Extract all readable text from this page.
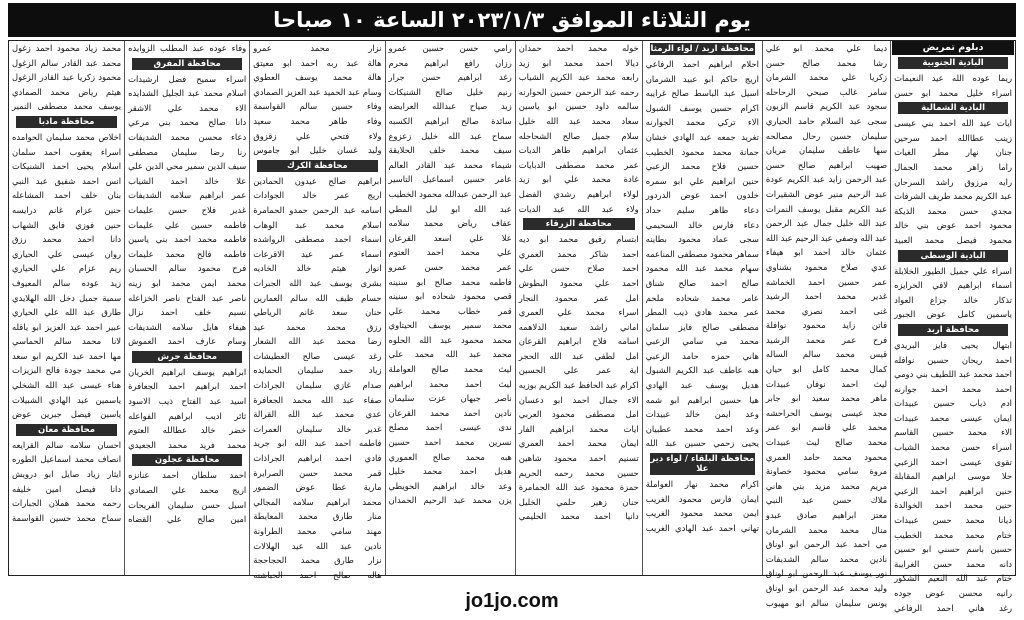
يوم الثلاثاء الموافق ٢٠٢٣/١/٣ الساعة ١٠ صباحا
دبلوم تمريض
البادية الجنوبية
ريما عوده الله عيد النعيمات
اسراء خليل محمد ابو حسن
البادية الشمالية
ايات عيد الله احمد بني عيسى
زينب عطاالله احمد سرحين
جنان نهار مطر الغيات
راما زاهر محمد الجمال
رايه مرزوق راشد السرحان
عبد الكريم محمد طريف الشرفات
مجدي حسن محمد الذيكة
محمود احمد عوض بني خالد
محمود فيصل محمد العبيد
البادية الوسطى
اسراء علي جميل الطيور الخلايلة
اسماء ابراهيم لافي الحرايزه
تذكار خالد جزاع العواد
ياسمين كامل عوض الجبور
محافظة اربد
ابتهال يحيى فايز البريدي
احمد ريحان حسين نوافله
احمد محمد عبد اللطيف بني دومي
احمد محمد احمد جوارنه
ادم ذياب حسين عبيدات
ايمان عيسى محمد عبيدات
الاء محمد حسين القاسم
اسراء حسن محمد الشياب
تقوى عيسى احمد الزعبي
حلا موسى ابراهيم المقابلة
حنين ابراهيم احمد الزعبي
حنين محمد احمد الخوالدة
ديانا محمد حسن عبيدات
ختام محمد محمد الخطيب
حسين باسم حسني ابو حسين
دانه محمد حسن الغرايبة
ختام عبد الله النعيم الشكور
رانيه محسن عوض جوده
رغد هاني احمد الرفاعي
ديما علي محمد ابو علي
رشا محمد صالح حسن
زكريا علي محمد الشرمان
سامر غالب صبحي الرحاحله
سجود عبد الكريم قاسم الزبون
سجى عبد السلام حامد الحياري
سليمان حسين رحال مصالحه
سها عاطف سليمان مريان
صهيب ابراهيم صالح حسن
عبد الرحمن زايد عبد الكريم عودة
عبد الرحيم منير عوض الشقيرات
عبد الكريم مقبل يوسف النمرات
عبد الله خليل جمال عبد الرحمن
عبد الله وصفي عبد الرحيم عبد الله
عثمان خالد احمد ابو هيفاء
عدي صلاح محمود بشناوي
عمر حسين احمد الخماشه
غدير محمد احمد الرشيد
غنى احمد نصري محمد
فاتن زايد محمود نوافلة
فرح عمر محمد الرشيد
قيس محمد سالم الساله
كمال محمد كامل ابو حيان
ليث احمد نوفان عبيدات
ماهر محمد سعيد ابو جابر
مجد عيسى يوسف الحراحشه
محمد علي قاسم ابو عمر
محمد صالح ليث عبيدات
محمود محمد حامد العمري
مروة سامي محمود خصاونة
مريم محمد مزيد بني هاني
ملاك حسن عبد النبي
معتز ابراهيم صادق عبدو
منال محمد محمد الشرمان
مي احمد عبد الرحمن ابو اوناق
نادين محمد سالم الشديفات
نور يوسف عبد الرحمن ابو اوناق
وليد محمد عبد الرحمن ابو اوناق
يونس سليمان سالم ابو مهيوب
محافظة اربد / لواء الرمثا
احلام ابراهيم احمد الرفاعي
اريج حاكم ابو عبيد الشرمان
اسيل عبد الباسط صالح غرايبه
اكرام حسين يوسف الشبول
الاء تركي محمد الجوارنه
تغريد جمعه عبد الهادي خشان
جمانة محمد محمود الخطيب
حسين فلاح محمد الزعبي
حنين ابراهيم علي ابو سمره
خلدون احمد عوض الدردور
دعاء طاهر سليم حداد
دعاء فارس خالد السحيمي
سجى عماد محمود بطاينه
سماهر محمود مصطفى المناعمه
سهام محمد عبد الله محمود
صالح احمد صالح شناق
عامر محمد شحاده ملحم
عمر محمد هادي ذيب المطر
مصطفى صالح فايز سلمان
محمد مي سامي الزعبي
هاني حمزه حامد الزعبي
هبه عاطف عبد الكريم الشبول
هديل يوسف عبد الهادي
هيا حسين ابراهيم ابو شمه
وعد ايمن خالد عبيدات
وعد احمد محمد عطبيان
يحيى زحمي حسين عبد الله
محافظة البلقاء / لواء دير علا
اكرام محمد نهار العواملة
ايمان فارس محمود الغريب
ايمن محمد محمود الغريب
تهاني احمد عبد الهادي الغريب
خوله محمد احمد حمدان
ديالا احمد محمد ابو زيد
رابعه محمد عبد الكريم الشياب
رحمه عبد الرحمن حسين الحوارنه
سالمه داود حسين ابو ياسين
سعاد محمد عبد الله خليل
سلام جميل صالح الشحاحله
عثمان ابراهيم طاهر الديات
عمر محمد مصطفى الدبايات
غادة محمد علي ابو زيد
لولاء ابراهيم رشدي الفضل
ولاء عبد الله عيد الديات
محافظة الزرقاء
ابتسام رفيق محمد ابو ديه
احمد شاكر محمد العمري
احمد صلاح حسن علي
احمد علي محمود البطوش
امل عمر محمود النجار
اسراء محمد علي العمري
اماني راشد سعيد الدلاهمه
اسامه فلاح ابراهيم القرعان
امل لطفي عبد الله الحجر
اية عمر علي الحسين
اكرام عبد الحافظ عبد الكريم بوزيه
الاء جمال احمد ابو دعسان
امل مصطفى محمود العربي
ايات محمد ابراهيم الفار
ايمان محمد احمد العمري
تسنيم احمد محمود شاهين
حسين محمد رحمه الحريم
حمزة محمود عبد الله الجمامرة
حنان زهير حلمي الخليل
دانيا احمد محمد الحليمي
رامي حسن حسين عمرو
رزان رافع ابراهيم محرم
رغد ابراهيم حسن جرار
رنيم خليل صالح الشنيكات
زيد صياح عبدالله العرايضه
سائدة صالح ابراهيم الكسبه
سماح عبد الله خليل زعزوع
سيف محمد خلف الحلايقة
شيماء محمد عبد القادر العالم
عامر حسين اسماعيل التاسير
عبد الرحمن عبدالله محمود الخطيب
عبد الله ابو ليل المطي
عفاف رياض محمد سلامه
علا علي اسعد القرعان
علي محمد احمد العتوم
عمر محمد حسن عمرو
فاطمه محمد صالح ابو سنينه
قصي محمود شحاده ابو سنينه
قمر خطاب محمد علي
محمد سمير يوسف الحيتاوي
محمد محمود عبد الله الحلوه
محمد عبد الله محمد علي
ليث محمد صالح العواملة
ليث احمد محمد ابراهيم
ناصر جيهان عزت سليمان
نادين احمد محمد القرعان
ندى عيسى احمد مصلح
نسرين محمد احمد حسين
هبه محمد صالح العموري
هديل احمد محمد خليل
وعد خالد ابراهيم الحويطي
يزن محمد عبد الرحيم الحمدان
نزار محمد عمرو
هالة عبد ربه احمد ابو معيتق
هالة محمد يوسف العطوي
وسام عبد الحميد عبد العزيز الصمادي
وفاء حسين سالم القواسمة
وفاء طاهر محمد سعيد
ولاء فتحي علي زقزوق
وليد غسان خليل ابو جاموس
محافظة الكرك
ابراهيم صالح عيدون الحمادين
اريج عمر خالد الجوادات
اسامه عبد الرحمن حمدو الحمامرة
اسلام محمد عبد الوهاب
اسماء احمد مصطفى الرواشده
اسماء عمر عيد الاقرعات
انوار هيثم خالد الخاديه
بشرى يوسف عبد الله الجبرات
حسام ظيف الله سالم العمارين
حنان سعد غانم الرياطي
رزق محمد محمد عيد
رضا محمد عبد الله الشعار
رغد عيسى صالح العطيشات
زياد حمد سليمان الحمايده
صدام غازي سليمان الجراذات
صفاء عبد الله محمد الجعافرة
عدي محمد عبد الله القرالة
غدير خالد سليمان العمرات
فاطمه احمد عبد الله ابو جريد
فادي احمد ابراهيم الجراذات
قمر محمد حسن الصرايرة
مارية عطا عوض الضمور
محمد ابراهيم سلامه المجالي
منار طارق محمد المعايطة
مهند سامي محمد الطراونة
نادين عبد الله عيد الهلالات
نزار طارق محمد الحجاحجة
هاله صالح احمد الحباشنه
وفاء عوده عبد المطلب الزوايده
محافظة المفرق
اسراء سميح فضل ارشيدات
اسلام محمد عبد الجليل الشدايده
الاء محمد علي الاشقر
دانا صالح محمد بني مرعي
دعاء محسن محمد الشديفات
رنا رضا سليمان مصطفى
سيف الدين سمير محي الدين علي
علا خالد احمد الشياب
عمر ابراهيم سلامه الشديفات
غدير فلاح حسن عليمات
فاطمه حسين علي عليمات
فاطمه محمد احمد بني ياسين
فاطمه فالح محمد عليمات
فرح محمود سالم الحسبان
محمد ايمن محمد ابو زينه
ناصر عبد الفتاح ناصر الخزاعله
نسيم خلف احمد نزال
هيفاء هايل سلامه الشديفات
وسام عارف احمد العموش
محافظة جرش
ابراهيم يوسف ابراهيم الخريان
احمد ابراهيم احمد الجعافرة
اسيد عبد الفتاح ذيب الاسود
ثائر اديب ابراهيم الفواعله
خضر خالد عطالله العتوم
محمد فريد محمد الجعيدي
محافظة عجلون
احمد سلطان احمد عنانزه
اريج محمد علي الصمادي
اسيل حسن سليمان الفريحات
امين صالح علي القضاه
محمد زياد محمود احمد زغول
محمد عبد القادر سالم الزغول
محمود زكريا عبد القادر الزغول
هيثم رياض محمد الصمادي
يوسف محمد مصطفى النمير
محافظة مادبا
اخلاص محمد سليمان الحوامده
اسراء يعقوب احمد سلمان
اسلام يحيى احمد الشنيكات
انس احمد شفيق عبد النبي
بنان خلف احمد المشاعله
حنين عزام غانم درايسه
حنين فوزي فايق الشهاب
دانا احمد محمد رزق
روان عيسى علي الحياري
ريم عزام علي الحياري
زيد عوده سالم المعيوف
سمية جميل دخل الله الهلايدي
طارق عبد الله علي الحياري
عبير احمد عبد العزيز ابو ياقله
لانا محمد سالم الحماسي
مها احمد عبد الكريم ابو سعد
مي محمد جودة فالح البزيزات
هناء عيسى عبد الله الشخلي
ياسمين عبد الهادي الشبيلات
ياسين فيصل جبرين عوض
محافظة معان
احسان سلامه سالم القرايعه
انصاف محمد اسماعيل الطوره
ايثار زياد صايل ابو درويش
دانا فيصل امين خليفه
رحمه محمد هملان الجبارات
سماح محمد حسين القواسمة
jo1jo.com
